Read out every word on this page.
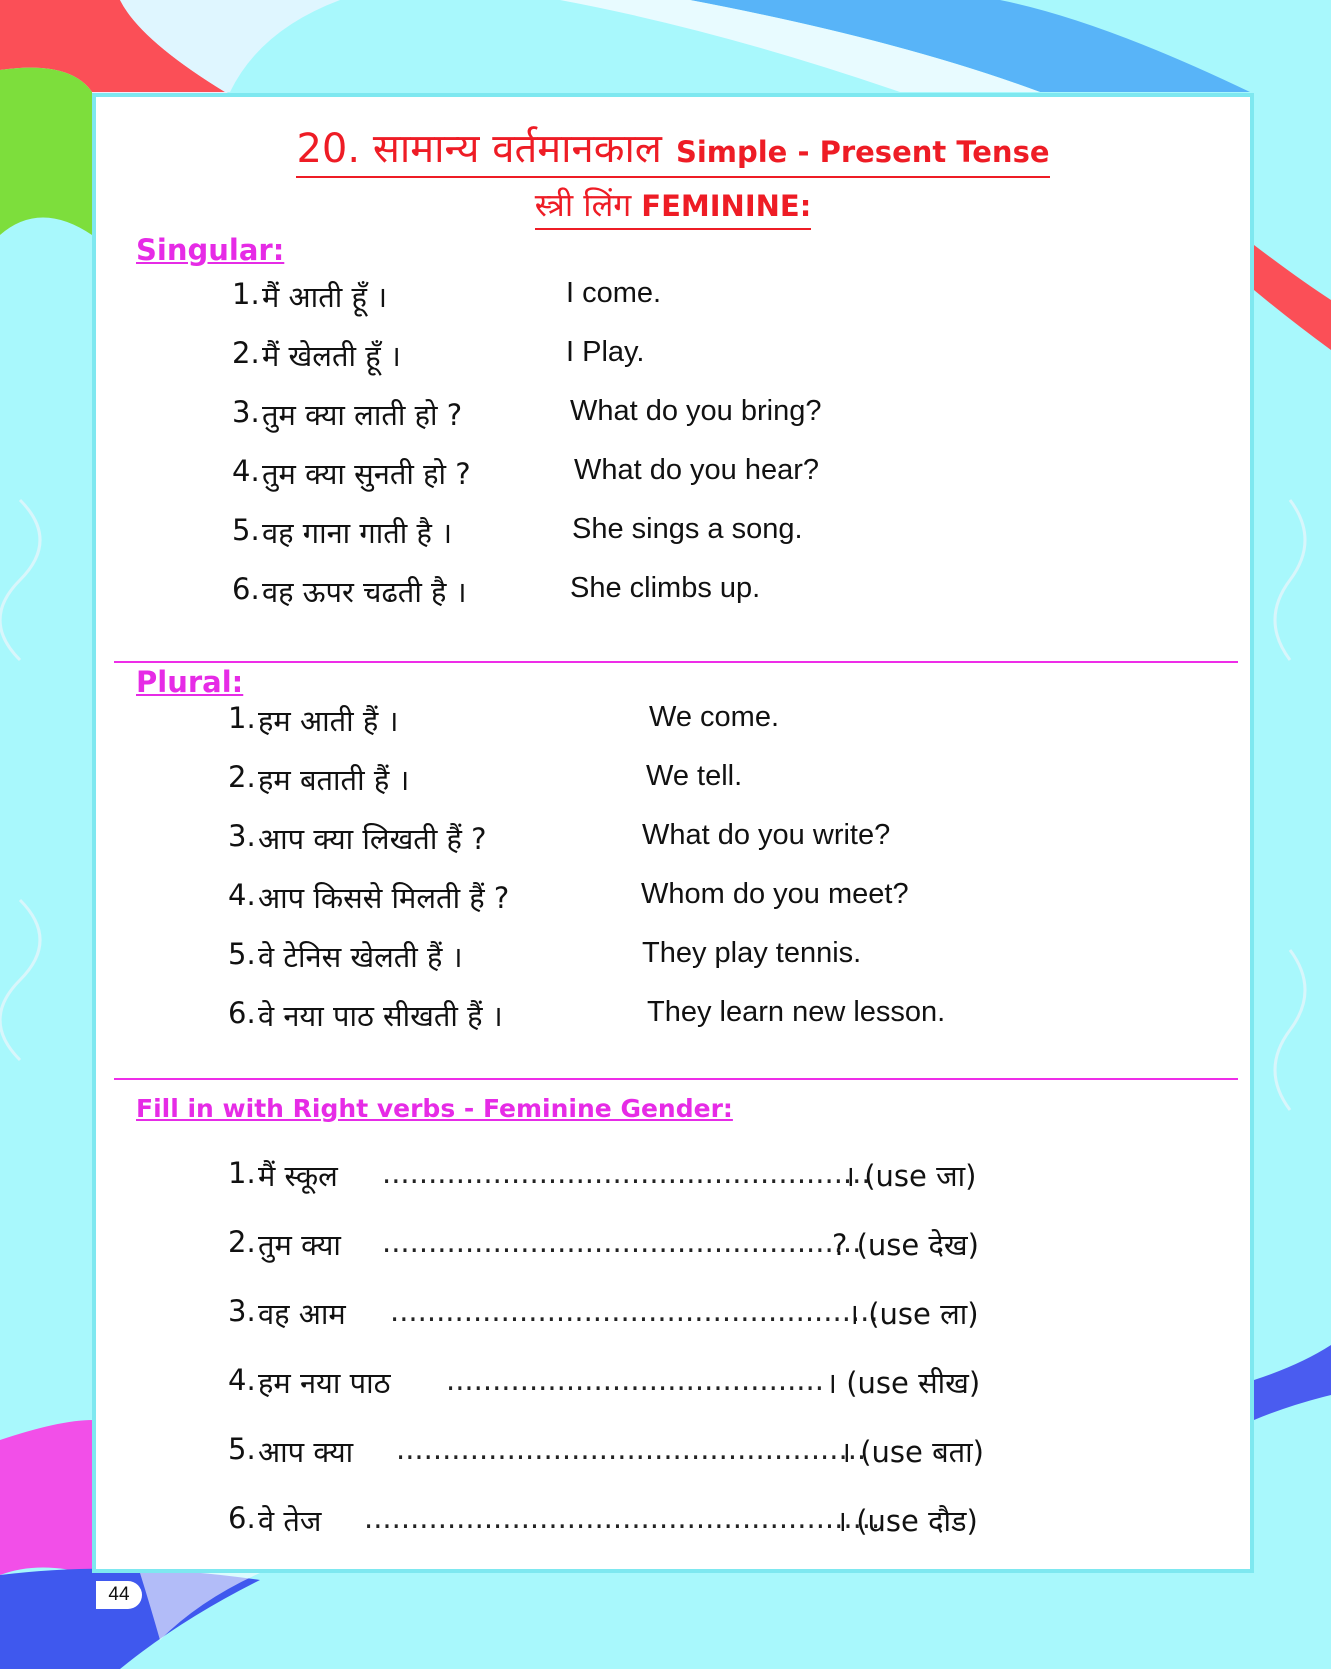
20. सामान्य वर्तमानकाल Simple - Present Tense
स्त्री लिंग FEMININE:
Singular:
1. मैं आती हूँ ।	I come.
2. मैं खेलती हूँ ।	I Play.
3. तुम क्या लाती हो ?	What do you bring?
4. तुम क्या सुनती हो ?	What do you hear?
5. वह गाना गाती है ।	She sings a song.
6. वह ऊपर चढती है ।	She climbs up.
Plural:
1. हम आती हैं ।	We come.
2. हम बताती हैं ।	We tell.
3. आप क्या लिखती हैं ?	What do you write?
4. आप किससे मिलती हैं ?	Whom do you meet?
5. वे टेनिस खेलती हैं ।	They play tennis.
6. वे नया पाठ सीखती हैं ।	They learn new lesson.
Fill in with Right verbs - Feminine Gender:
1. मैं स्कूल .....................................................
। (use जा)
2. तुम क्या ....................................................
? (use देख)
3. वह आम .....................................................
। (use ला)
4. हम नया पाठ ......................................... । (use सीख)
5. आप क्या ...................................................
। (use बता)
6. वे तेज ........................................................
। (use दौड)
44
